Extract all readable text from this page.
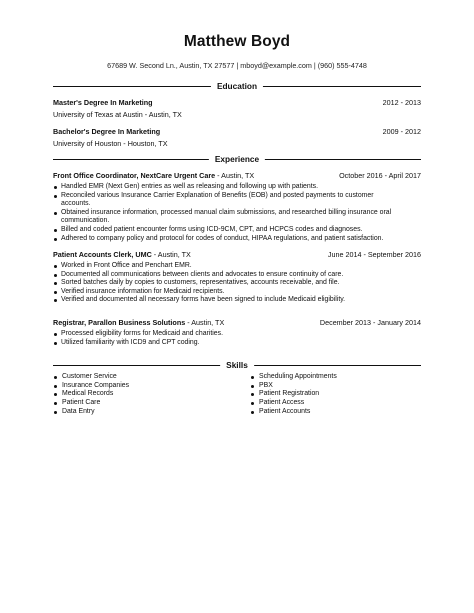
Matthew Boyd
67689 W. Second Ln., Austin, TX 27577 | mboyd@example.com | (960) 555-4748
Education
Master's Degree In Marketing	2012 - 2013
University of Texas at Austin - Austin, TX
Bachelor's Degree In Marketing	2009 - 2012
University of Houston - Houston, TX
Experience
Front Office Coordinator, NextCare Urgent Care - Austin, TX	October 2016 - April 2017
Handled EMR (Next Gen) entries as well as releasing and following up with patients.
Reconciled various Insurance Carrier Explanation of Benefits (EOB) and posted payments to customer accounts.
Obtained insurance information, processed manual claim submissions, and researched billing insurance oral communication.
Billed and coded patient encounter forms using ICD-9CM, CPT, and HCPCS codes and diagnoses.
Adhered to company policy and protocol for codes of conduct, HIPAA regulations, and patient satisfaction.
Patient Accounts Clerk, UMC - Austin, TX	June 2014 - September 2016
Worked in Front Office and Penchart EMR.
Documented all communications between clients and advocates to ensure continuity of care.
Sorted batches daily by copies to customers, representatives, accounts receivable, and file.
Verified insurance information for Medicaid recipients.
Verified and documented all necessary forms have been signed to include Medicaid eligibility.
Registrar, Parallon Business Solutions - Austin, TX	December 2013 - January 2014
Processed eligibility forms for Medicaid and charities.
Utilized familiarity with ICD9 and CPT coding.
Skills
Customer Service
Insurance Companies
Medical Records
Patient Care
Data Entry
Scheduling Appointments
PBX
Patient Registration
Patient Access
Patient Accounts
